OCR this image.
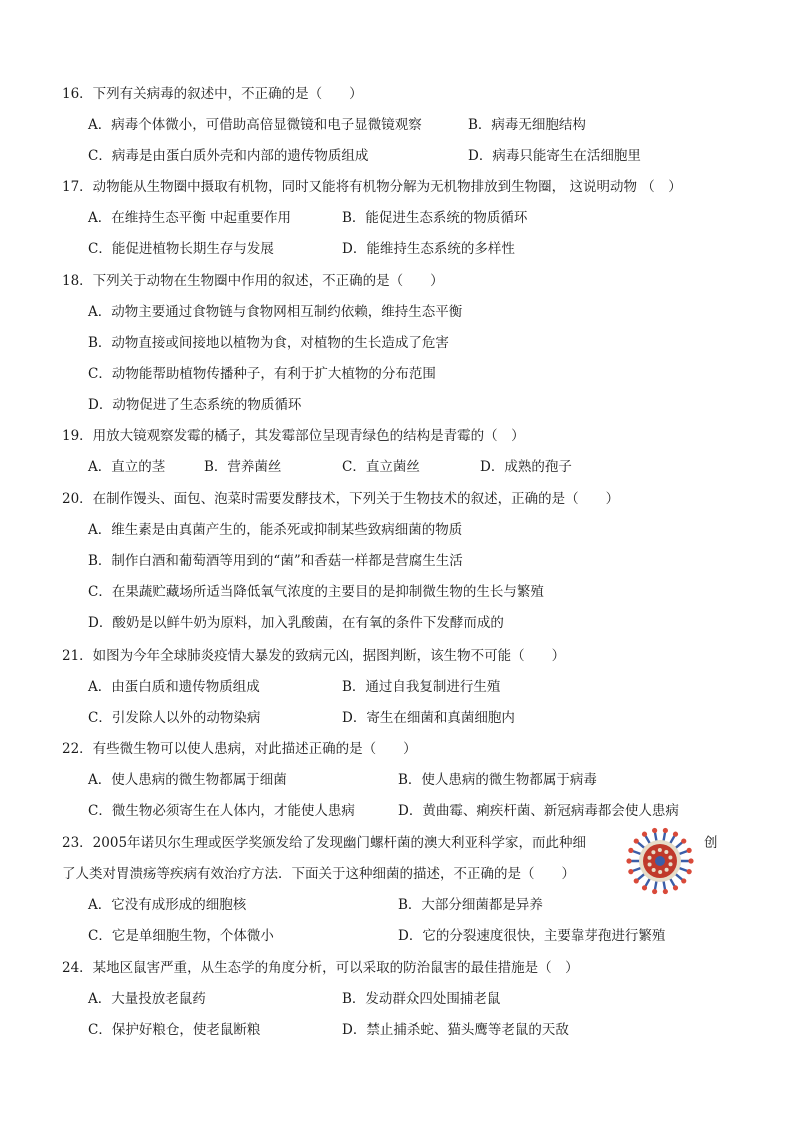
16．下列有关病毒的叙述中，不正确的是（　　）
A．病毒个体微小，可借助高倍显微镜和电子显微镜观察	B．病毒无细胞结构
C．病毒是由蛋白质外壳和内部的遗传物质组成	D．病毒只能寄生在活细胞里
17．动物能从生物圈中摄取有机物，同时又能将有机物分解为无机物排放到生物圈， 这说明动物 （　）
A．在维持生态平衡 中起重要作用	B．能促进生态系统的物质循环
C．能促进植物长期生存与发展	D．能维持生态系统的多样性
18．下列关于动物在生物圈中作用的叙述，不正确的是（　　）
A．动物主要通过食物链与食物网相互制约依赖，维持生态平衡
B．动物直接或间接地以植物为食，对植物的生长造成了危害
C．动物能帮助植物传播种子，有利于扩大植物的分布范围
D．动物促进了生态系统的物质循环
19．用放大镜观察发霉的橘子，其发霉部位呈现青绿色的结构是青霉的（　）
A．直立的茎	B．营养菌丝	C．直立菌丝	D．成熟的孢子
20．在制作馒头、面包、泡菜时需要发酵技术，下列关于生物技术的叙述，正确的是（　　）
A．维生素是由真菌产生的，能杀死或抑制某些致病细菌的物质
B．制作白酒和葡萄酒等用到的“菌”和香菇一样都是营腐生生活
C．在果蔬贮藏场所适当降低氧气浓度的主要目的是抑制微生物的生长与繁殖
D．酸奶是以鲜牛奶为原料，加入乳酸菌，在有氧的条件下发酵而成的
21．如图为今年全球肺炎疫情大暴发的致病元凶，据图判断，该生物不可能（　　）
A．由蛋白质和遗传物质组成	B．通过自我复制进行生殖
C．引发除人以外的动物染病	D．寄生在细菌和真菌细胞内
22．有些微生物可以使人患病，对此描述正确的是（　　）
A．使人患病的微生物都属于细菌	B．使人患病的微生物都属于病毒
C．微生物必须寄生在人体内，才能使人患病	D．黄曲霉、痢疾杆菌、新冠病毒都会使人患病
23．2005年诺贝尔生理或医学奖颁发给了发现幽门螺杆菌的澳大利亚科学家，而此种细	创
了人类对胃溃疡等疾病有效治疗方法．下面关于这种细菌的描述，不正确的是（　　）
A．它没有成形成的细胞核	B．大部分细菌都是异养
C．它是单细胞生物，个体微小	D．它的分裂速度很快，主要靠芽孢进行繁殖
24．某地区鼠害严重，从生态学的角度分析，可以采取的防治鼠害的最佳措施是（　）
A．大量投放老鼠药	B．发动群众四处围捕老鼠
C．保护好粮仓，使老鼠断粮	D．禁止捕杀蛇、猫头鹰等老鼠的天敌
